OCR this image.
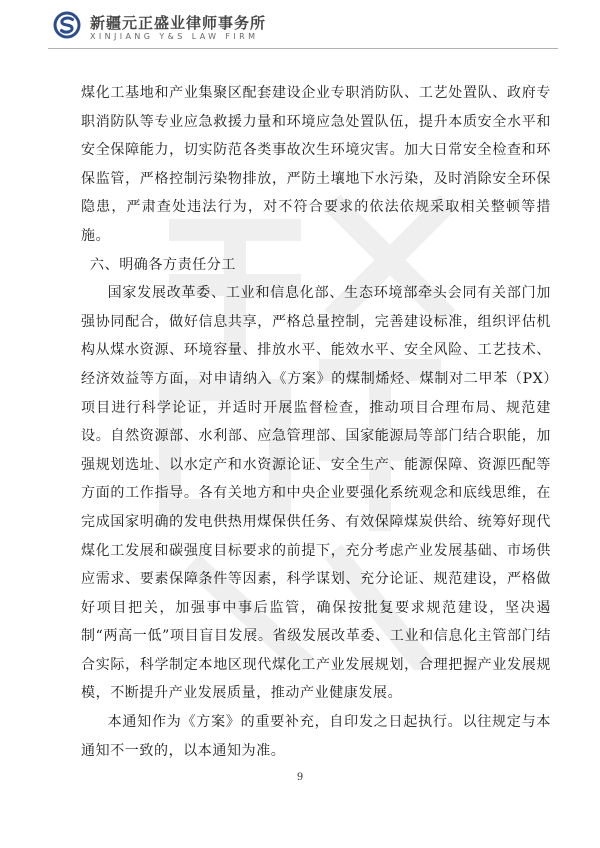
新疆元正盛业律师事务所
XINJIANG Y&S LAW FIRM

煤化工基地和产业集聚区配套建设企业专职消防队、工艺处置队、政府专职消防队等专业应急救援力量和环境应急处置队伍，提升本质安全水平和安全保障能力，切实防范各类事故次生环境灾害。加大日常安全检查和环保监管，严格控制污染物排放，严防土壤地下水污染，及时消除安全环保隐患，严肃查处违法行为，对不符合要求的依法依规采取相关整顿等措施。

六、明确各方责任分工

国家发展改革委、工业和信息化部、生态环境部牵头会同有关部门加强协同配合，做好信息共享，严格总量控制，完善建设标准，组织评估机构从煤水资源、环境容量、排放水平、能效水平、安全风险、工艺技术、经济效益等方面，对申请纳入《方案》的煤制烯烃、煤制对二甲苯（PX）项目进行科学论证，并适时开展监督检查，推动项目合理布局、规范建设。自然资源部、水利部、应急管理部、国家能源局等部门结合职能，加强规划选址、以水定产和水资源论证、安全生产、能源保障、资源匹配等方面的工作指导。各有关地方和中央企业要强化系统观念和底线思维，在完成国家明确的发电供热用煤保供任务、有效保障煤炭供给、统筹好现代煤化工发展和碳强度目标要求的前提下，充分考虑产业发展基础、市场供应需求、要素保障条件等因素，科学谋划、充分论证、规范建设，严格做好项目把关，加强事中事后监管，确保按批复要求规范建设，坚决遏制“两高一低”项目盲目发展。省级发展改革委、工业和信息化主管部门结合实际，科学制定本地区现代煤化工产业发展规划，合理把握产业发展规模，不断提升产业发展质量，推动产业健康发展。

本通知作为《方案》的重要补充，自印发之日起执行。以往规定与本通知不一致的，以本通知为准。

9
